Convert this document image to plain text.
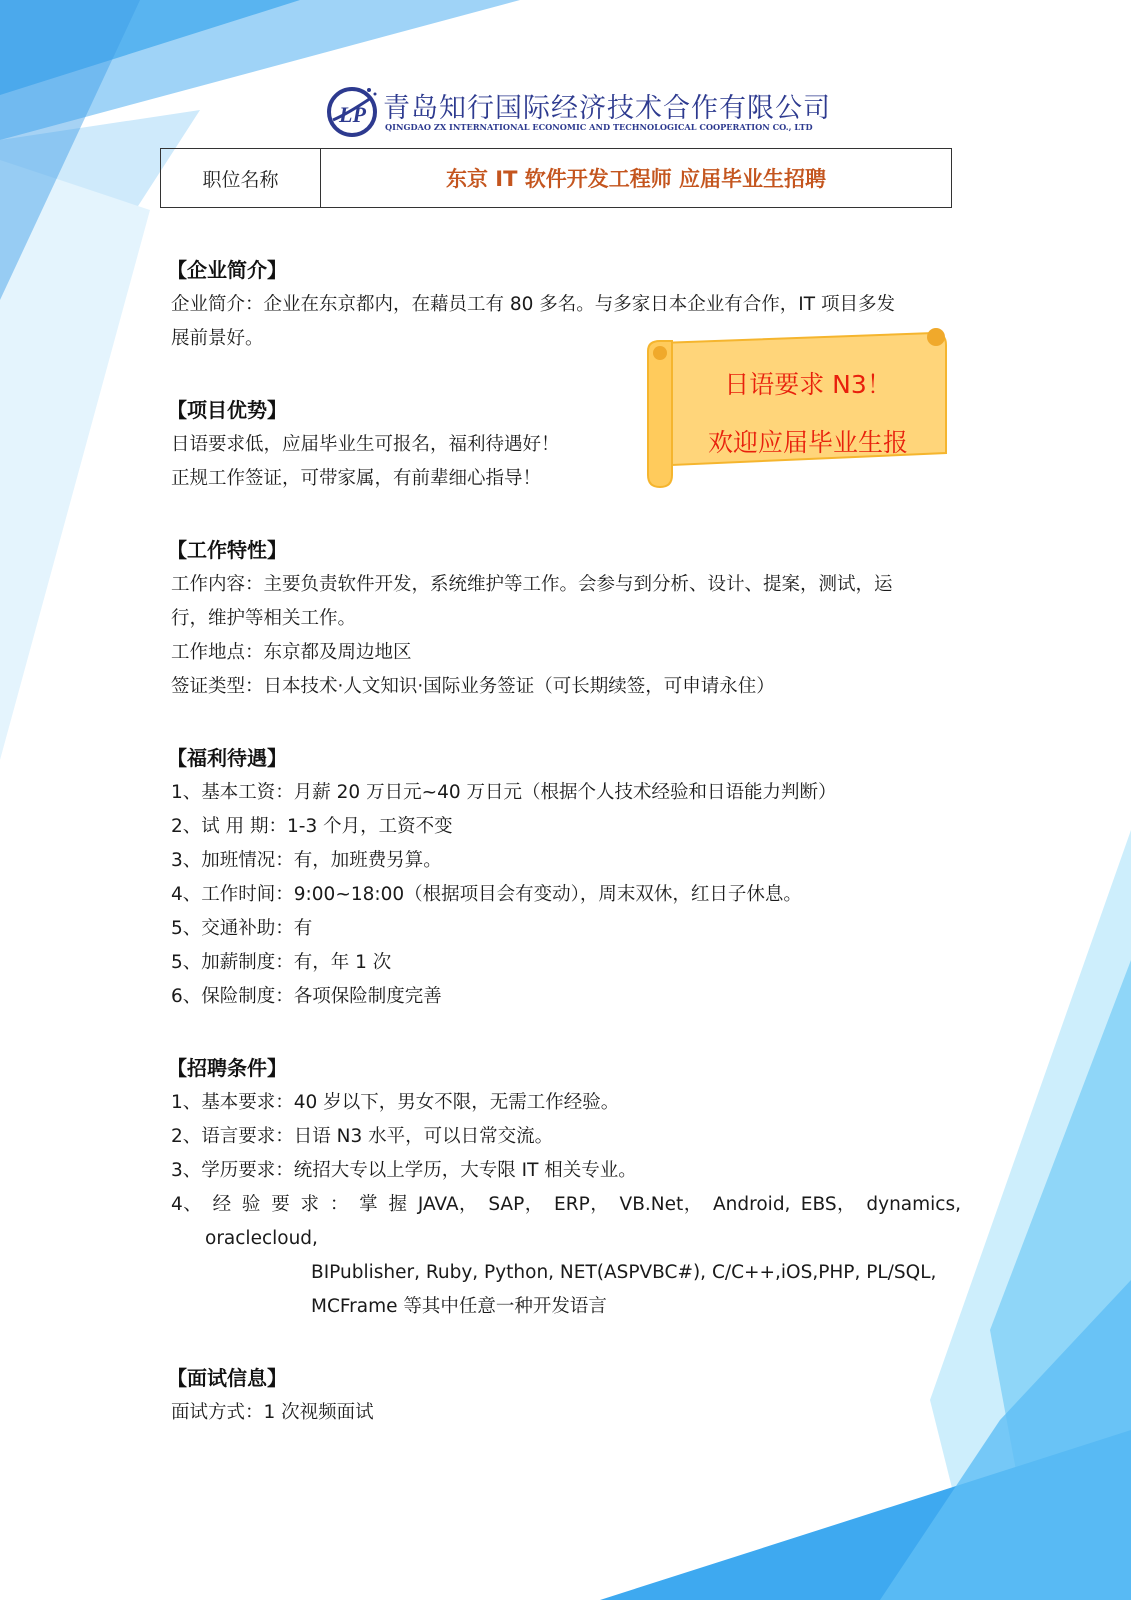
LP 青岛知行国际经济技术合作有限公司
QINGDAO ZX INTERNATIONAL ECONOMIC AND TECHNOLOGICAL COOPERATION CO., LTD
职位名称	东京 IT 软件开发工程师 应届毕业生招聘
日语要求 N3！
欢迎应届毕业生报
【企业简介】
企业简介：企业在东京都内，在藉员工有 80 多名。与多家日本企业有合作，IT 项目多发
展前景好。
【项目优势】
日语要求低，应届毕业生可报名，福利待遇好！
正规工作签证，可带家属，有前辈细心指导！
【工作特性】
工作内容：主要负责软件开发，系统维护等工作。会参与到分析、设计、提案，测试，运
行，维护等相关工作。
工作地点：东京都及周边地区
签证类型：日本技术·人文知识·国际业务签证（可长期续签，可申请永住）
【福利待遇】
1、基本工资：月薪 20 万日元~40 万日元（根据个人技术经验和日语能力判断）
2、试 用 期：1-3 个月，工资不变
3、加班情况：有，加班费另算。
4、工作时间：9:00~18:00（根据项目会有变动），周末双休，红日子休息。
5、交通补助：有
5、加薪制度：有，年 1 次
6、保险制度：各项保险制度完善
【招聘条件】
1、基本要求：40 岁以下，男女不限，无需工作经验。
2、语言要求：日语 N3 水平，可以日常交流。
3、学历要求：统招大专以上学历，大专限 IT 相关专业。
4、 经 验 要 求 ： 掌 握 JAVA， SAP， ERP， VB.Net， Android, EBS， dynamics,
oraclecloud,
BIPublisher, Ruby, Python, NET(ASPVBC#), C/C++,iOS,PHP, PL/SQL,
MCFrame 等其中任意一种开发语言
【面试信息】
面试方式：1 次视频面试
